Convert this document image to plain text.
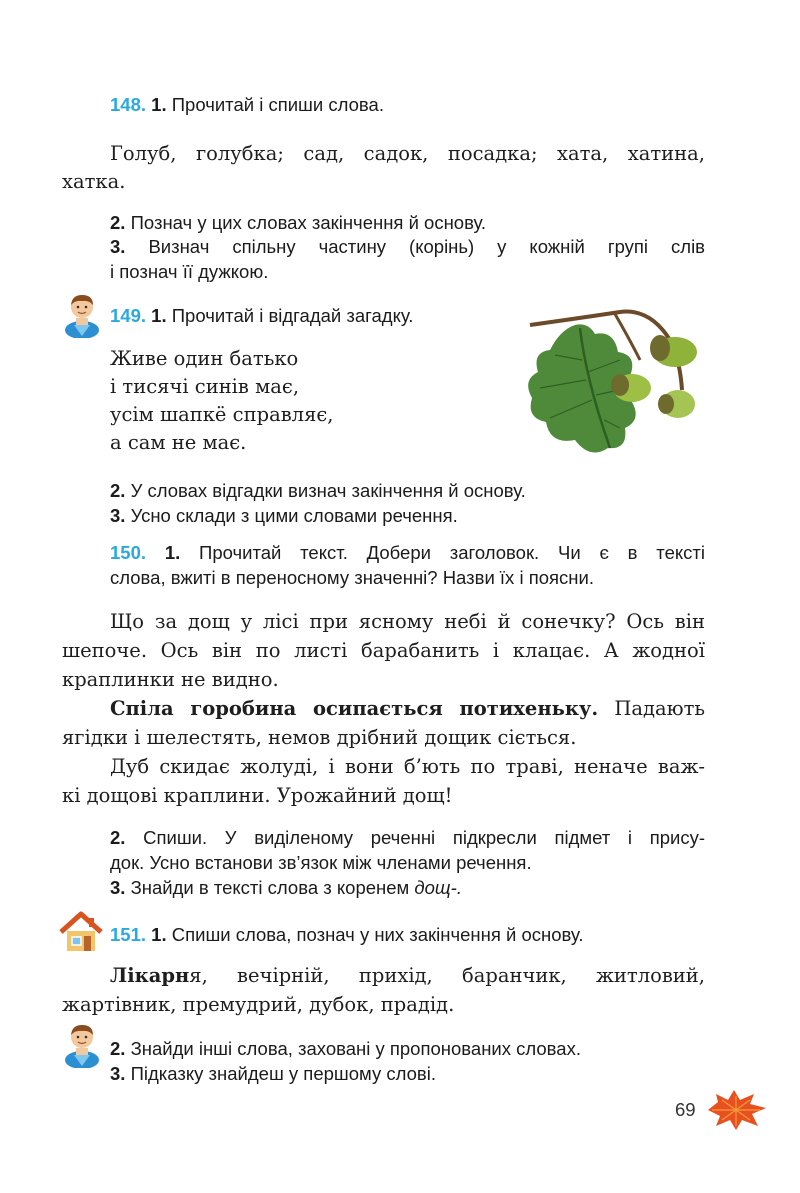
148. 1. Прочитай і спиши слова.
Голуб, голубка; сад, садок, посадка; хата, хатина,
хатка.
2. Познач у цих словах закінчення й основу.
3. Визнач спільну частину (корінь) у кожній групі слів
і познач її дужкою.
149. 1. Прочитай і відгадай загадку.
Живе один батько
і тисячі синів має,
усім шапкё справляє,
а сам не має.
2. У словах відгадки визнач закінчення й основу.
3. Усно склади з цими словами речення.
150. 1. Прочитай текст. Добери заголовок. Чи є в тексті
слова, вжиті в переносному значенні? Назви їх і поясни.
Що за дощ у лісі при ясному небі й сонечку? Ось він
шепоче. Ось він по листі барабанить і клацає. А жодної
краплинки не видно.
Спіла горобина осипається потихеньку. Падають
ягідки і шелестять, немов дрібний дощик сіється.
Дуб скидає жолуді, і вони б’ють по траві, неначе важ-
кі дощові краплини. Урожайний дощ!
2. Спиши. У виділеному реченні підкресли підмет і прису-
док. Усно встанови зв’язок між членами речення.
3. Знайди в тексті слова з коренем дощ-.
151. 1. Спиши слова, познач у них закінчення й основу.
Лікарня, вечірній, прихід, баранчик, житловий,
жартівник, премудрий, дубок, прадід.
2. Знайди інші слова, заховані у пропонованих словах.
3. Підказку знайдеш у першому слові.
69
